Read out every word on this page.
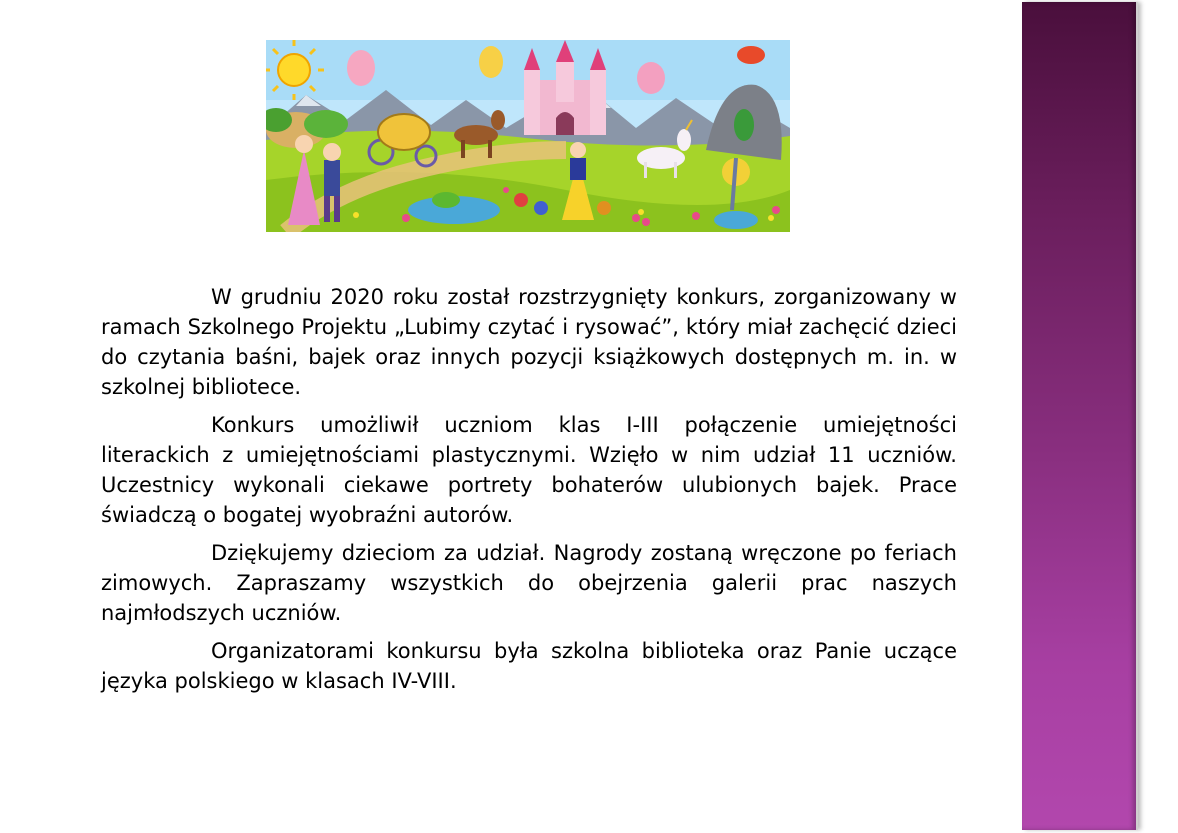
W grudniu 2020 roku został rozstrzygnięty konkurs, zorganizowany w ramach Szkolnego Projektu „Lubimy czytać i rysować”, który miał zachęcić dzieci do czytania baśni, bajek oraz innych pozycji książkowych dostępnych m. in. w szkolnej bibliotece.

Konkurs umożliwił uczniom klas I-III połączenie umiejętności literackich z umiejętnościami plastycznymi. Wzięło w nim udział 11 uczniów. Uczestnicy wykonali ciekawe portrety bohaterów ulubionych bajek. Prace świadczą o bogatej wyobraźni autorów.

Dziękujemy dzieciom za udział. Nagrody zostaną wręczone po feriach zimowych. Zapraszamy wszystkich do obejrzenia galerii prac naszych najmłodszych uczniów.

Organizatorami konkursu była szkolna biblioteka oraz Panie uczące języka polskiego w klasach IV-VIII.
